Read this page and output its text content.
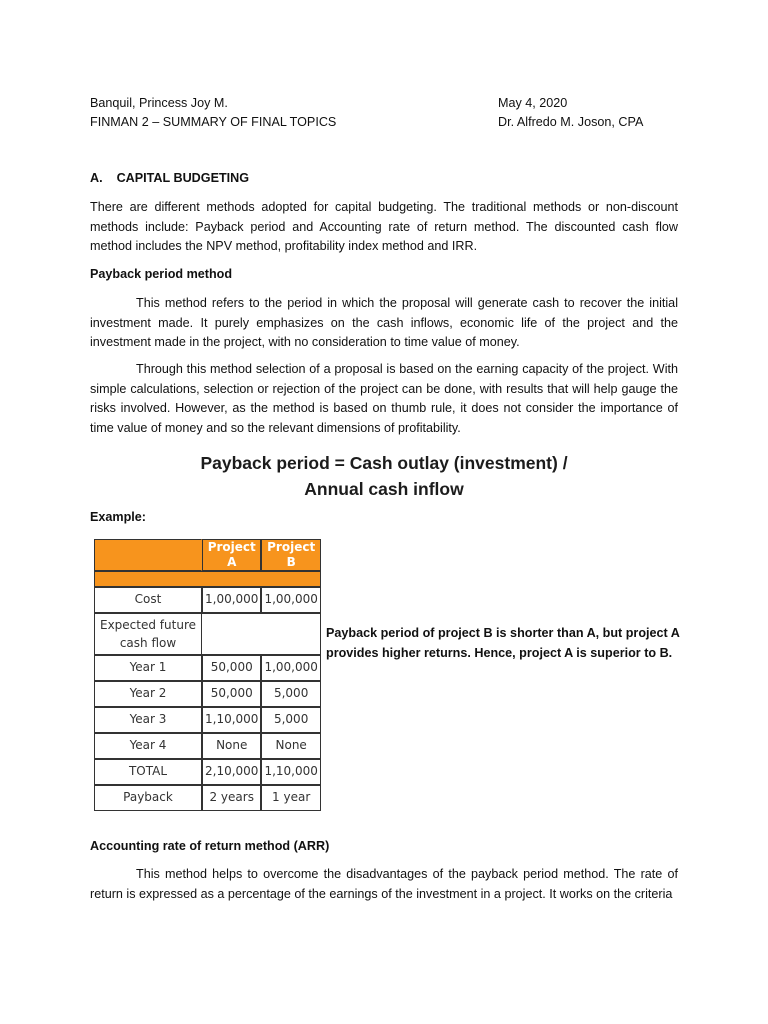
Banquil, Princess Joy M.
FINMAN 2 – SUMMARY OF FINAL TOPICS
May 4, 2020
Dr. Alfredo M. Joson, CPA
A.    CAPITAL BUDGETING

There are different methods adopted for capital budgeting. The traditional methods or non-discount methods include: Payback period and Accounting rate of return method. The discounted cash flow method includes the NPV method, profitability index method and IRR.

Payback period method

This method refers to the period in which the proposal will generate cash to recover the initial investment made. It purely emphasizes on the cash inflows, economic life of the project and the investment made in the project, with no consideration to time value of money.

Through this method selection of a proposal is based on the earning capacity of the project. With simple calculations, selection or rejection of the project can be done, with results that will help gauge the risks involved. However, as the method is based on thumb rule, it does not consider the importance of time value of money and so the relevant dimensions of profitability.

Payback period = Cash outlay (investment) /
Annual cash inflow
Example:
	Project A	Project B

Cost	1,00,000	1,00,000
Expected future cash flow		
Year 1	50,000	1,00,000
Year 2	50,000	5,000
Year 3	1,10,000	5,000
Year 4	None	None
TOTAL	2,10,000	1,10,000
Payback	2 years	1 year
Payback period of project B is shorter than A, but project A provides higher returns. Hence, project A is superior to B.
Accounting rate of return method (ARR)

This method helps to overcome the disadvantages of the payback period method. The rate of return is expressed as a percentage of the earnings of the investment in a project. It works on the criteria
